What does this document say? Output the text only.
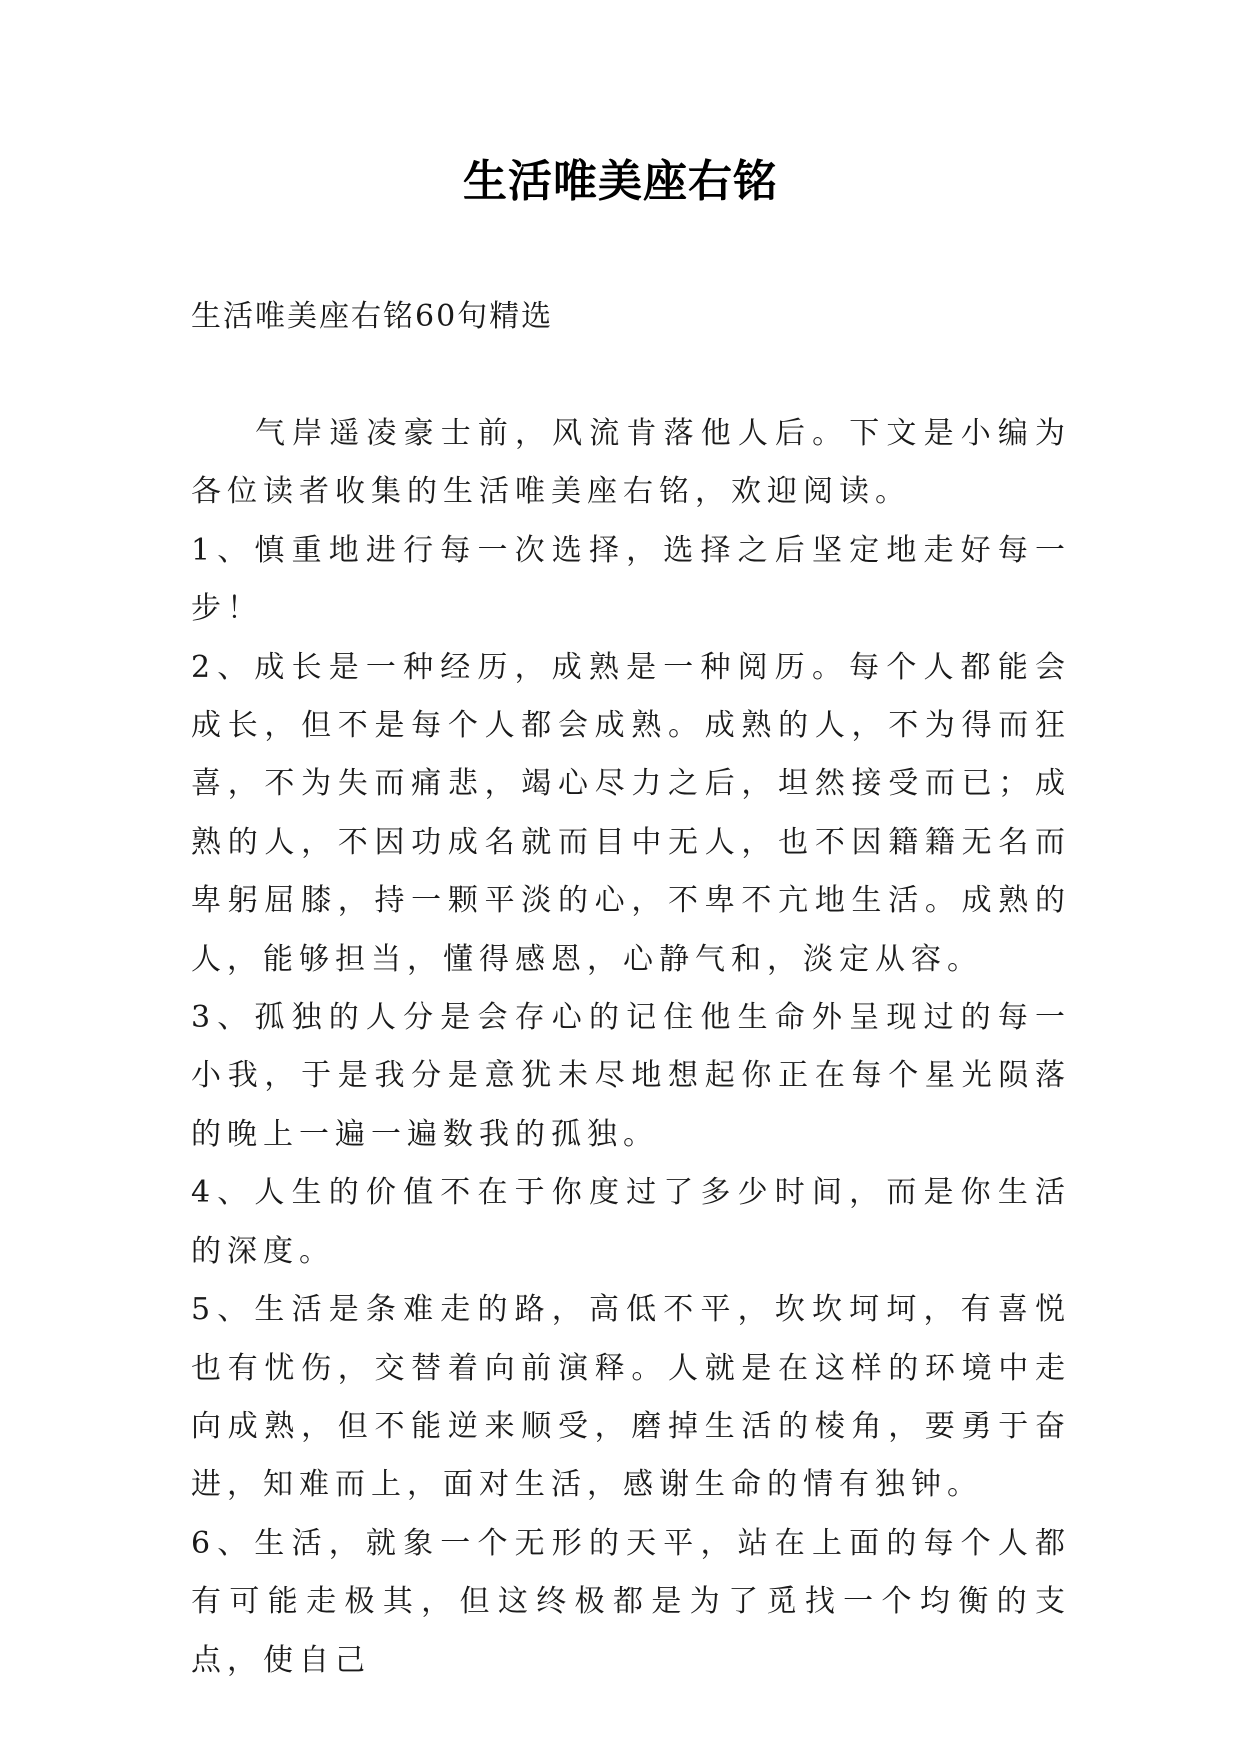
生活唯美座右铭
生活唯美座右铭60句精选

气岸遥凌豪士前，风流肯落他人后。下文是小编为各位读者收集的生活唯美座右铭，欢迎阅读。

1、慎重地进行每一次选择，选择之后坚定地走好每一步！

2、成长是一种经历，成熟是一种阅历。每个人都能会成长，但不是每个人都会成熟。成熟的人，不为得而狂喜，不为失而痛悲，竭心尽力之后，坦然接受而已；成熟的人，不因功成名就而目中无人，也不因籍籍无名而卑躬屈膝，持一颗平淡的心，不卑不亢地生活。成熟的人，能够担当，懂得感恩，心静气和，淡定从容。

3、孤独的人分是会存心的记住他生命外呈现过的每一小我，于是我分是意犹未尽地想起你正在每个星光陨落的晚上一遍一遍数我的孤独。

4、人生的价值不在于你度过了多少时间，而是你生活的深度。

5、生活是条难走的路，高低不平，坎坎坷坷，有喜悦也有忧伤，交替着向前演释。人就是在这样的环境中走向成熟，但不能逆来顺受，磨掉生活的棱角，要勇于奋进，知难而上，面对生活，感谢生命的情有独钟。

6、生活，就象一个无形的天平，站在上面的每个人都有可能走极其，但这终极都是为了觅找一个均衡的支点，使自己
